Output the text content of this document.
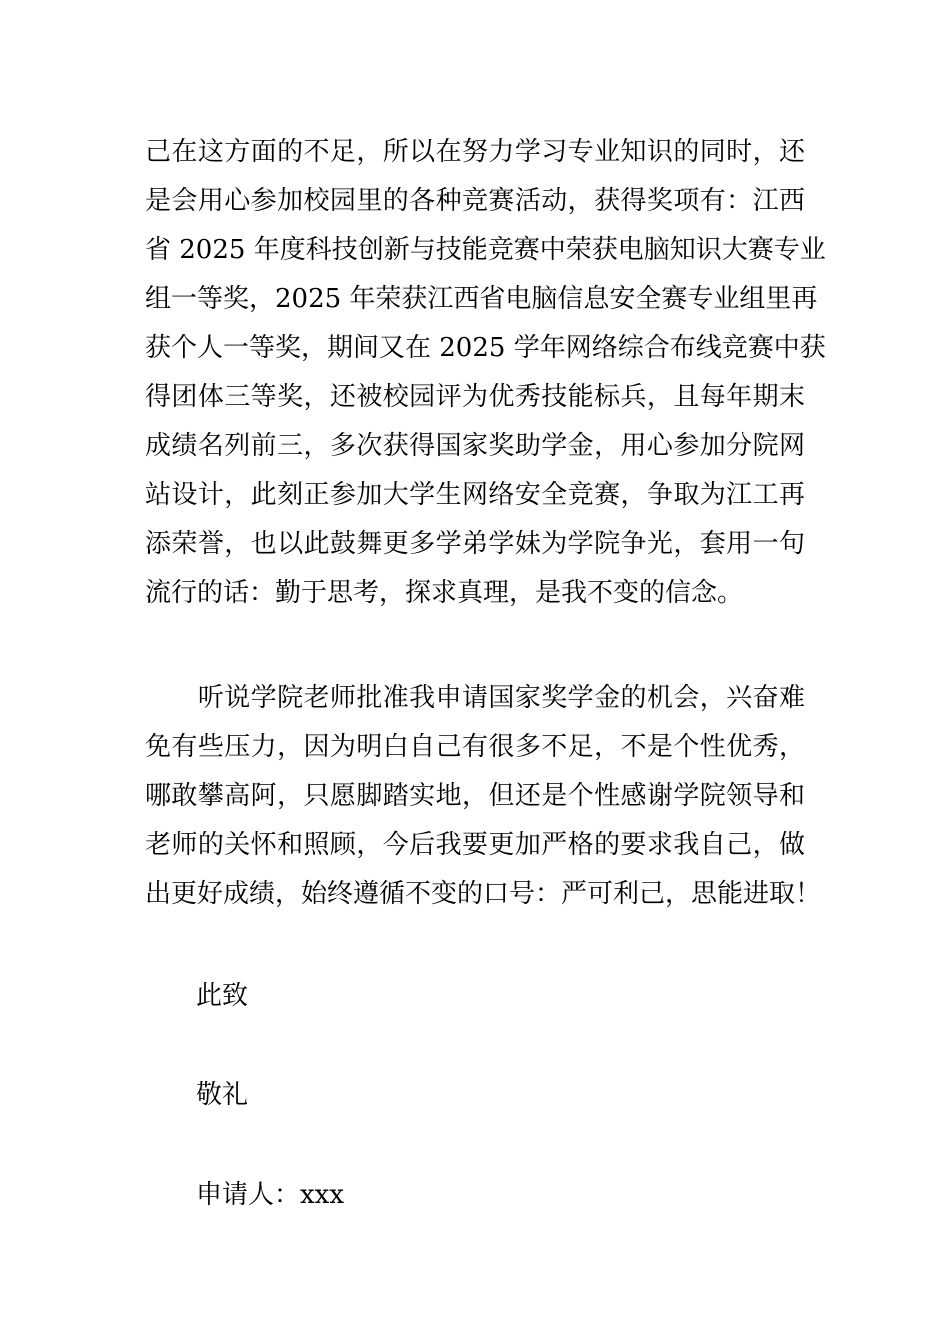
己在这方面的不足，所以在努力学习专业知识的同时，还
是会用心参加校园里的各种竞赛活动，获得奖项有：江西
省 2025 年度科技创新与技能竞赛中荣获电脑知识大赛专业
组一等奖，2025 年荣获江西省电脑信息安全赛专业组里再
获个人一等奖，期间又在 2025 学年网络综合布线竞赛中获
得团体三等奖，还被校园评为优秀技能标兵，且每年期末
成绩名列前三，多次获得国家奖助学金，用心参加分院网
站设计，此刻正参加大学生网络安全竞赛，争取为江工再
添荣誉，也以此鼓舞更多学弟学妹为学院争光，套用一句
流行的话：勤于思考，探求真理，是我不变的信念。
　　听说学院老师批准我申请国家奖学金的机会，兴奋难
免有些压力，因为明白自己有很多不足，不是个性优秀，
哪敢攀高阿，只愿脚踏实地，但还是个性感谢学院领导和
老师的关怀和照顾，今后我要更加严格的要求我自己，做
出更好成绩，始终遵循不变的口号：严可利己，思能进取！
此致
敬礼
申请人：xxx
